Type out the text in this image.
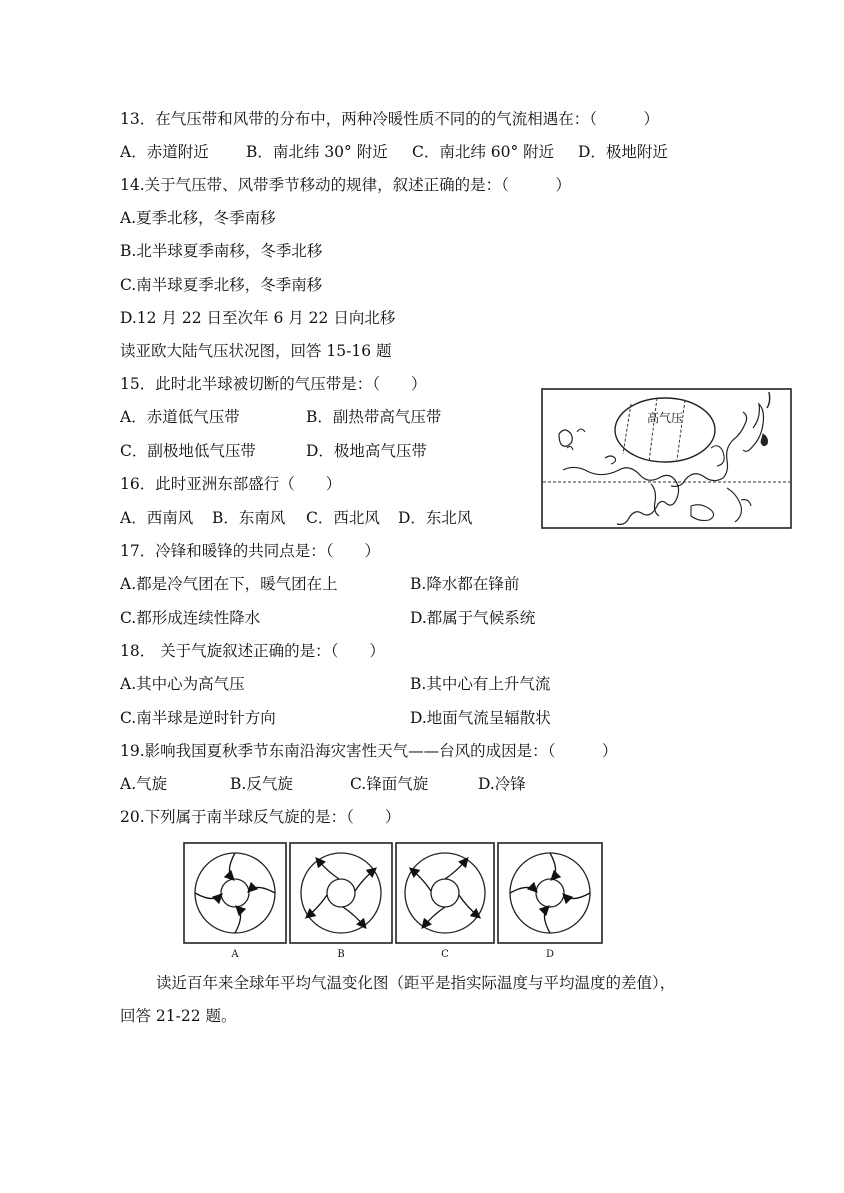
13．在气压带和风带的分布中，两种冷暖性质不同的的气流相遇在：（　　　）
A．赤道附近 B．南北纬 30° 附近 C．南北纬 60° 附近 D．极地附近
14.关于气压带、风带季节移动的规律，叙述正确的是：（　　　）
A.夏季北移，冬季南移
B.北半球夏季南移，冬季北移
C.南半球夏季北移，冬季南移
D.12 月 22 日至次年 6 月 22 日向北移
读亚欧大陆气压状况图，回答 15-16 题
15．此时北半球被切断的气压带是：（　　）
A．赤道低气压带	B．副热带高气压带
C．副极地低气压带	D．极地高气压带
16．此时亚洲东部盛行（　　）
A．西南风 B．东南风 C．西北风 D．东北风
高气压
17．冷锋和暖锋的共同点是：（　　）
A.都是冷气团在下，暖气团在上	B.降水都在锋前
C.都形成连续性降水	D.都属于气候系统
18． 关于气旋叙述正确的是：（　　）
A.其中心为高气压	B.其中心有上升气流
C.南半球是逆时针方向	D.地面气流呈辐散状
19.影响我国夏秋季节东南沿海灾害性天气——台风的成因是：（　　　）
A.气旋	B.反气旋	C.锋面气旋	D.冷锋
20.下列属于南半球反气旋的是：（　　）
A	B	C	D
读近百年来全球年平均气温变化图（距平是指实际温度与平均温度的差值），
回答 21-22 题。
